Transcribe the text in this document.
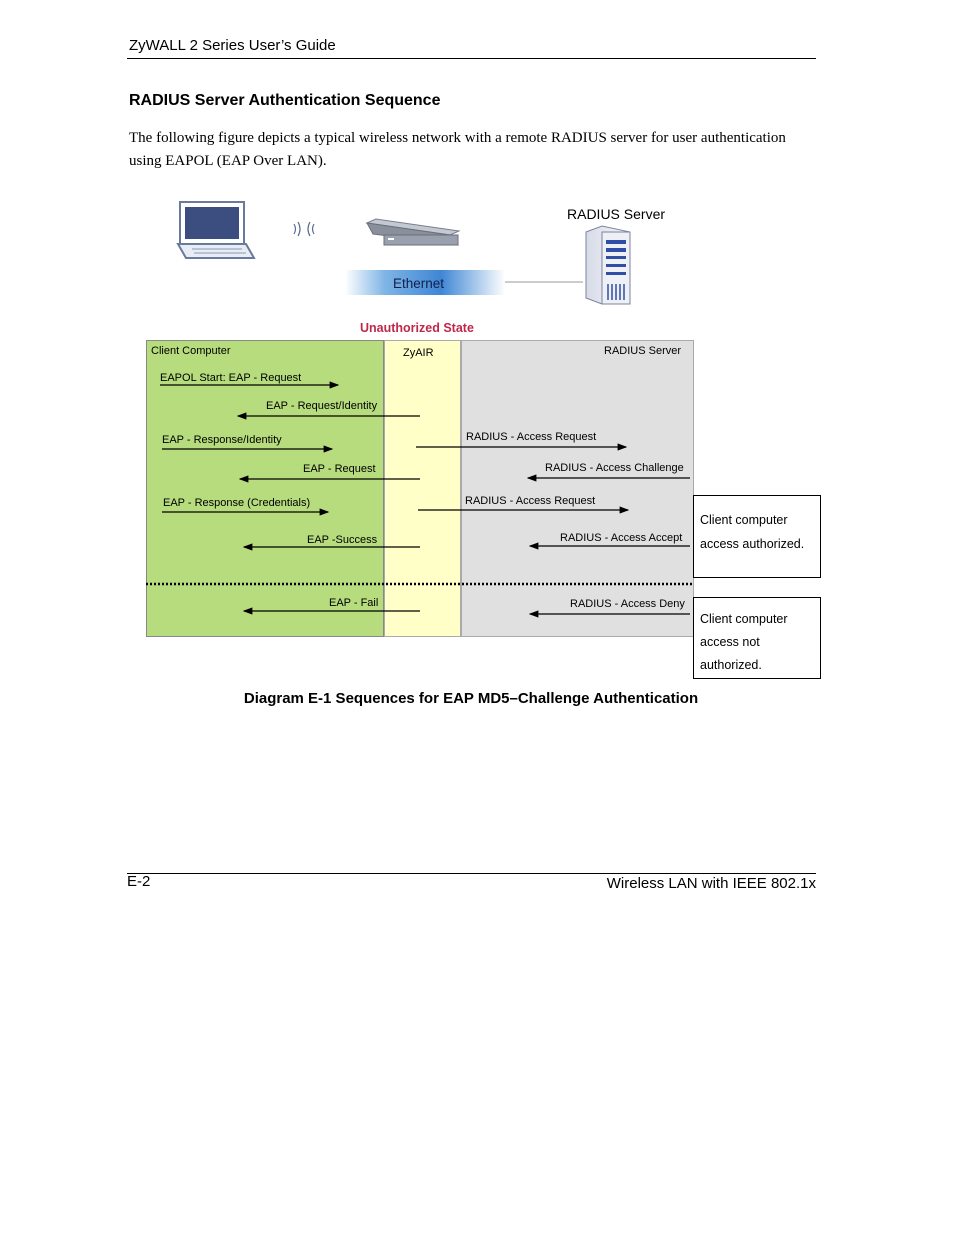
ZyWALL 2 Series User’s Guide
RADIUS Server Authentication Sequence
The following figure depicts a typical wireless network with a remote RADIUS server for user authentication using EAPOL (EAP Over LAN).
Ethernet
RADIUS Server
Unauthorized State
Client Computer	ZyAIR	RADIUS Server
EAPOL Start: EAP - Request
EAP - Request/Identity
EAP - Response/Identity	RADIUS - Access Request
EAP - Request	RADIUS - Access Challenge
EAP - Response (Credentials)	RADIUS - Access Request
EAP -Success	RADIUS - Access Accept
EAP - Fail	RADIUS - Access Deny
Client computer
access authorized.
Client computer
access not
authorized.
Diagram E-1 Sequences for EAP MD5–Challenge Authentication
E-2	Wireless LAN with IEEE 802.1x
